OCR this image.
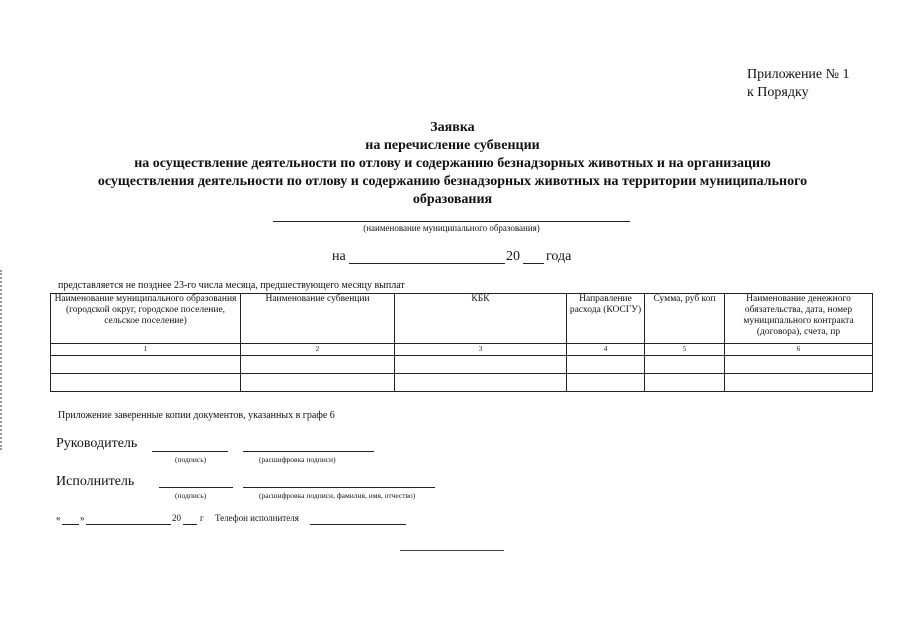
Приложение № 1
к Порядку
Заявка
на перечисление субвенции
на осуществление деятельности по отлову и содержанию безнадзорных животных и на организацию
осуществления деятельности по отлову и содержанию безнадзорных животных на территории муниципального
образования
(наименование муниципального образования)
на	20 года
представляется не позднее 23-го числа месяца, предшествующего месяцу выплат
Наименование муниципального образования (городской округ, городское поселение, сельское поселение)	Наименование субвенции	КБК	Направление расхода (КОСГУ)	Сумма, руб коп	Наименование денежного обязательства, дата, номер муниципального контракта (договора), счета, пр
1	2	3	4	5	6

Приложение заверенные копии документов, указанных в графе 6
Руководитель
(подпись)	(расшифровка подписи)
Исполнитель
(подпись)	(расшифровка подписи, фамилия, имя, отчество)
« »	20 г Телефон исполнителя
